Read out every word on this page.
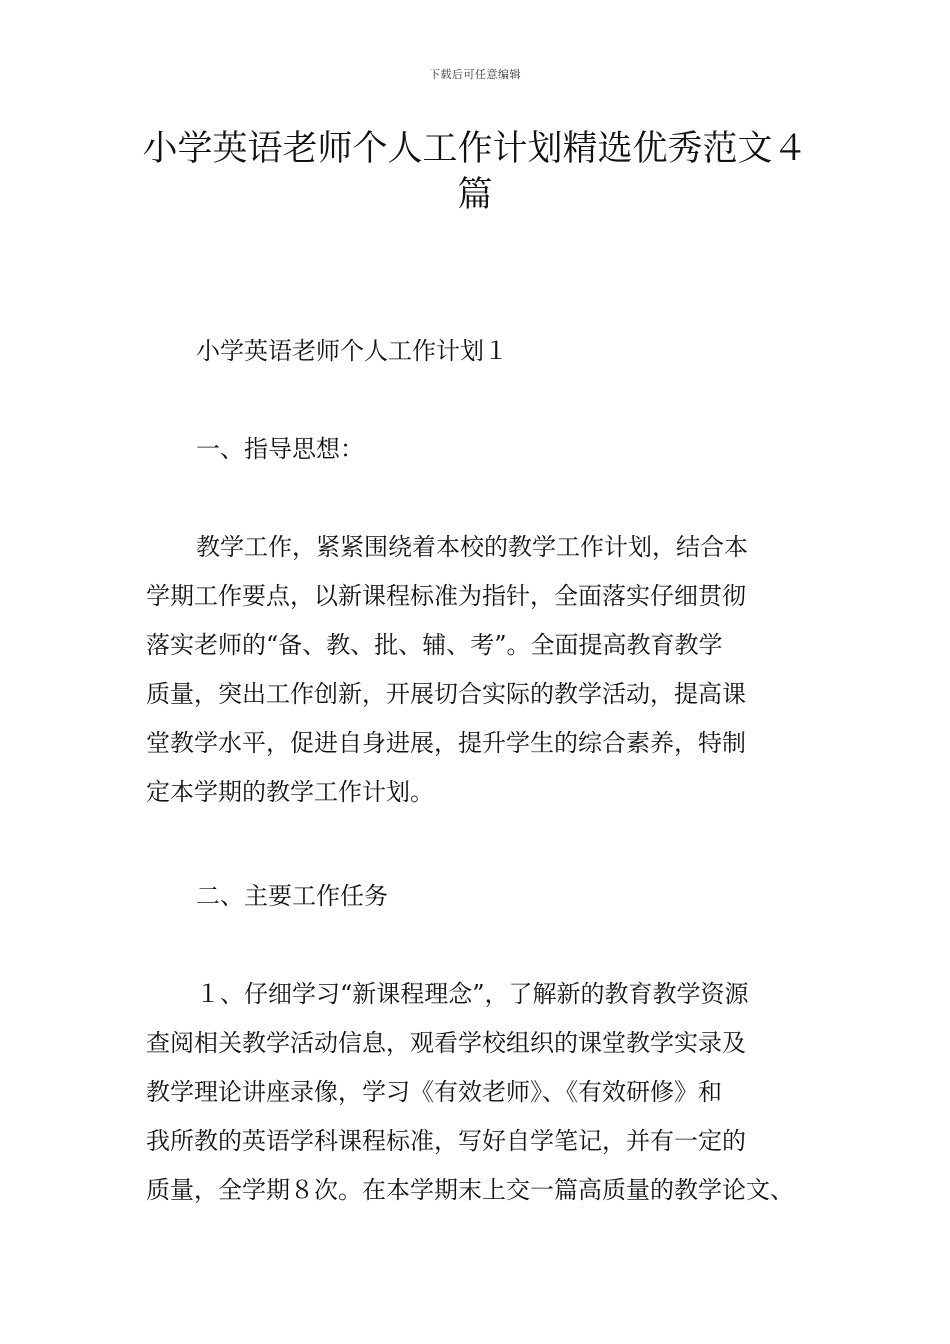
下载后可任意编辑
小学英语老师个人工作计划精选优秀范文４
篇
小学英语老师个人工作计划１
一、指导思想：
教学工作，紧紧围绕着本校的教学工作计划，结合本
学期工作要点，以新课程标准为指针，全面落实仔细贯彻
落实老师的“备、教、批、辅、考”。全面提高教育教学
质量，突出工作创新，开展切合实际的教学活动，提高课
堂教学水平，促进自身进展，提升学生的综合素养，特制
定本学期的教学工作计划。
二、主要工作任务
１、仔细学习“新课程理念”，了解新的教育教学资源
查阅相关教学活动信息，观看学校组织的课堂教学实录及
教学理论讲座录像，学习《有效老师》、《有效研修》和
我所教的英语学科课程标准，写好自学笔记，并有一定的
质量，全学期８次。在本学期末上交一篇高质量的教学论文、
